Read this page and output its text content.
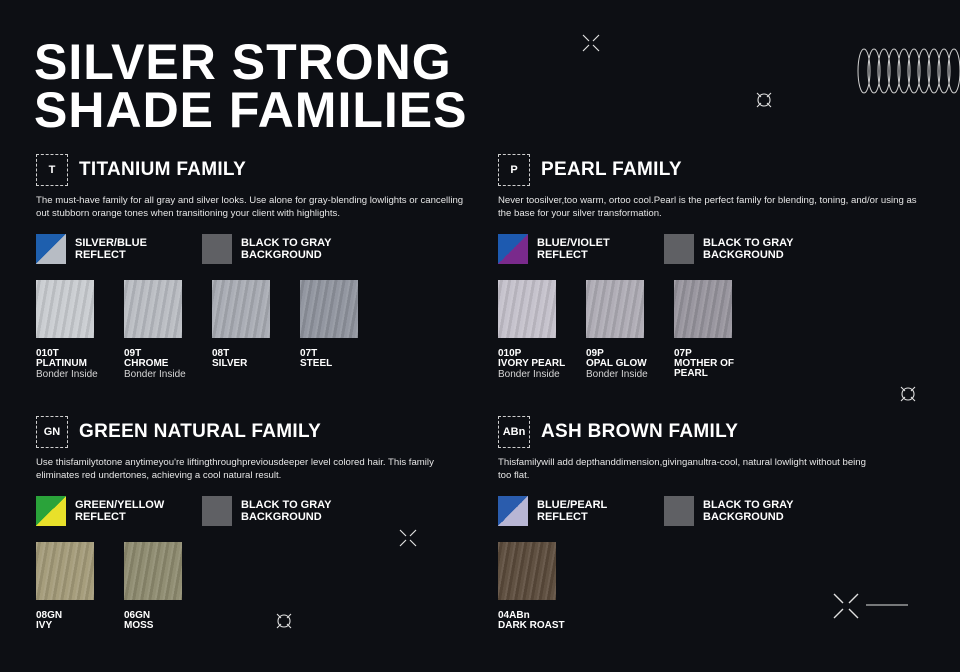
SILVER STRONG
SHADE FAMILIES
T	TITANIUM FAMILY

The must-have family for all gray and silver looks. Use alone for gray-blending lowlights or cancelling out stubborn orange tones when transitioning your client with highlights.

SILVER/BLUE REFLECT
BLACK TO GRAY BACKGROUND
010T
PLATINUM
Bonder Inside
09T
CHROME
Bonder Inside
08T
SILVER
07T
STEEL
P	PEARL FAMILY

Never toosilver,too warm, ortoo cool.Pearl is the perfect family for blending, toning, and/or using as the base for your silver transformation.

BLUE/VIOLET REFLECT
BLACK TO GRAY BACKGROUND
010P
IVORY PEARL
Bonder Inside
09P
OPAL GLOW
Bonder Inside
07P
MOTHER OF PEARL
GN GREEN NATURAL FAMILY

Use thisfamilytotone anytimeyou're liftingthroughpreviousdeeper level colored hair. This family eliminates red undertones, achieving a cool natural result.

GREEN/YELLOW REFLECT
BLACK TO GRAY BACKGROUND
08GN
IVY
06GN
MOSS
ABn ASH BROWN FAMILY

Thisfamilywill add depthanddimension,givinganultra-cool, natural lowlight without being too flat.

BLUE/PEARL REFLECT
BLACK TO GRAY BACKGROUND
04ABn
DARK ROAST
